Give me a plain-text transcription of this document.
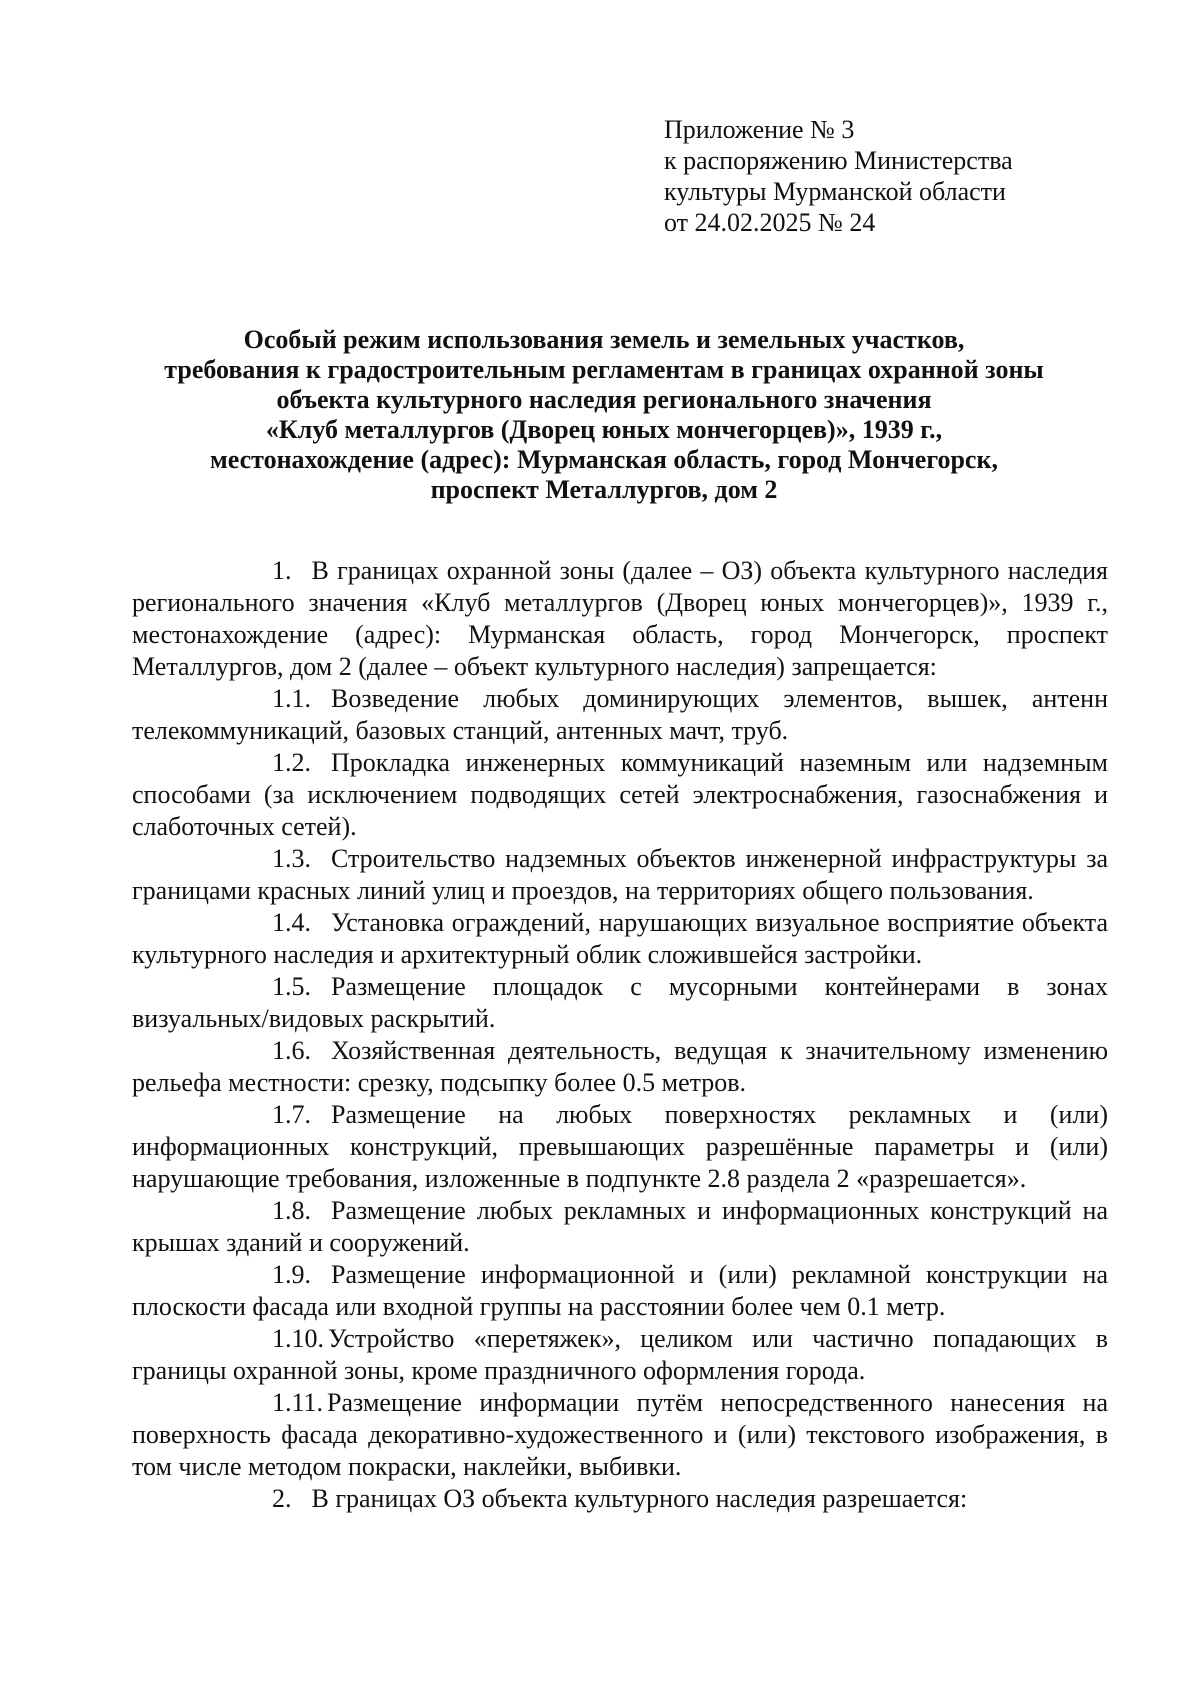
Приложение № 3
к распоряжению Министерства
культуры Мурманской области
от 24.02.2025 № 24
Особый режим использования земель и земельных участков,
требования к градостроительным регламентам в границах охранной зоны
объекта культурного наследия регионального значения
«Клуб металлургов (Дворец юных мончегорцев)», 1939 г.,
местонахождение (адрес): Мурманская область, город Мончегорск,
проспект Металлургов, дом 2

1. В границах охранной зоны (далее – ОЗ) объекта культурного наследия регионального значения «Клуб металлургов (Дворец юных мончегорцев)», 1939 г., местонахождение (адрес): Мурманская область, город Мончегорск, проспект Металлургов, дом 2 (далее – объект культурного наследия) запрещается:

1.1. Возведение любых доминирующих элементов, вышек, антенн телекоммуникаций, базовых станций, антенных мачт, труб.

1.2. Прокладка инженерных коммуникаций наземным или надземным способами (за исключением подводящих сетей электроснабжения, газоснабжения и слаботочных сетей).

1.3. Строительство надземных объектов инженерной инфраструктуры за границами красных линий улиц и проездов, на территориях общего пользования.

1.4. Установка ограждений, нарушающих визуальное восприятие объекта культурного наследия и архитектурный облик сложившейся застройки.

1.5. Размещение площадок с мусорными контейнерами в зонах визуальных/видовых раскрытий.

1.6. Хозяйственная деятельность, ведущая к значительному изменению рельефа местности: срезку, подсыпку более 0.5 метров.

1.7. Размещение на любых поверхностях рекламных и (или) информационных конструкций, превышающих разрешённые параметры и (или) нарушающие требования, изложенные в подпункте 2.8 раздела 2 «разрешается».

1.8. Размещение любых рекламных и информационных конструкций на крышах зданий и сооружений.

1.9. Размещение информационной и (или) рекламной конструкции на плоскости фасада или входной группы на расстоянии более чем 0.1 метр.

1.10. Устройство «перетяжек», целиком или частично попадающих в границы охранной зоны, кроме праздничного оформления города.

1.11. Размещение информации путём непосредственного нанесения на поверхность фасада декоративно-художественного и (или) текстового изображения, в том числе методом покраски, наклейки, выбивки.

2. В границах ОЗ объекта культурного наследия разрешается:
